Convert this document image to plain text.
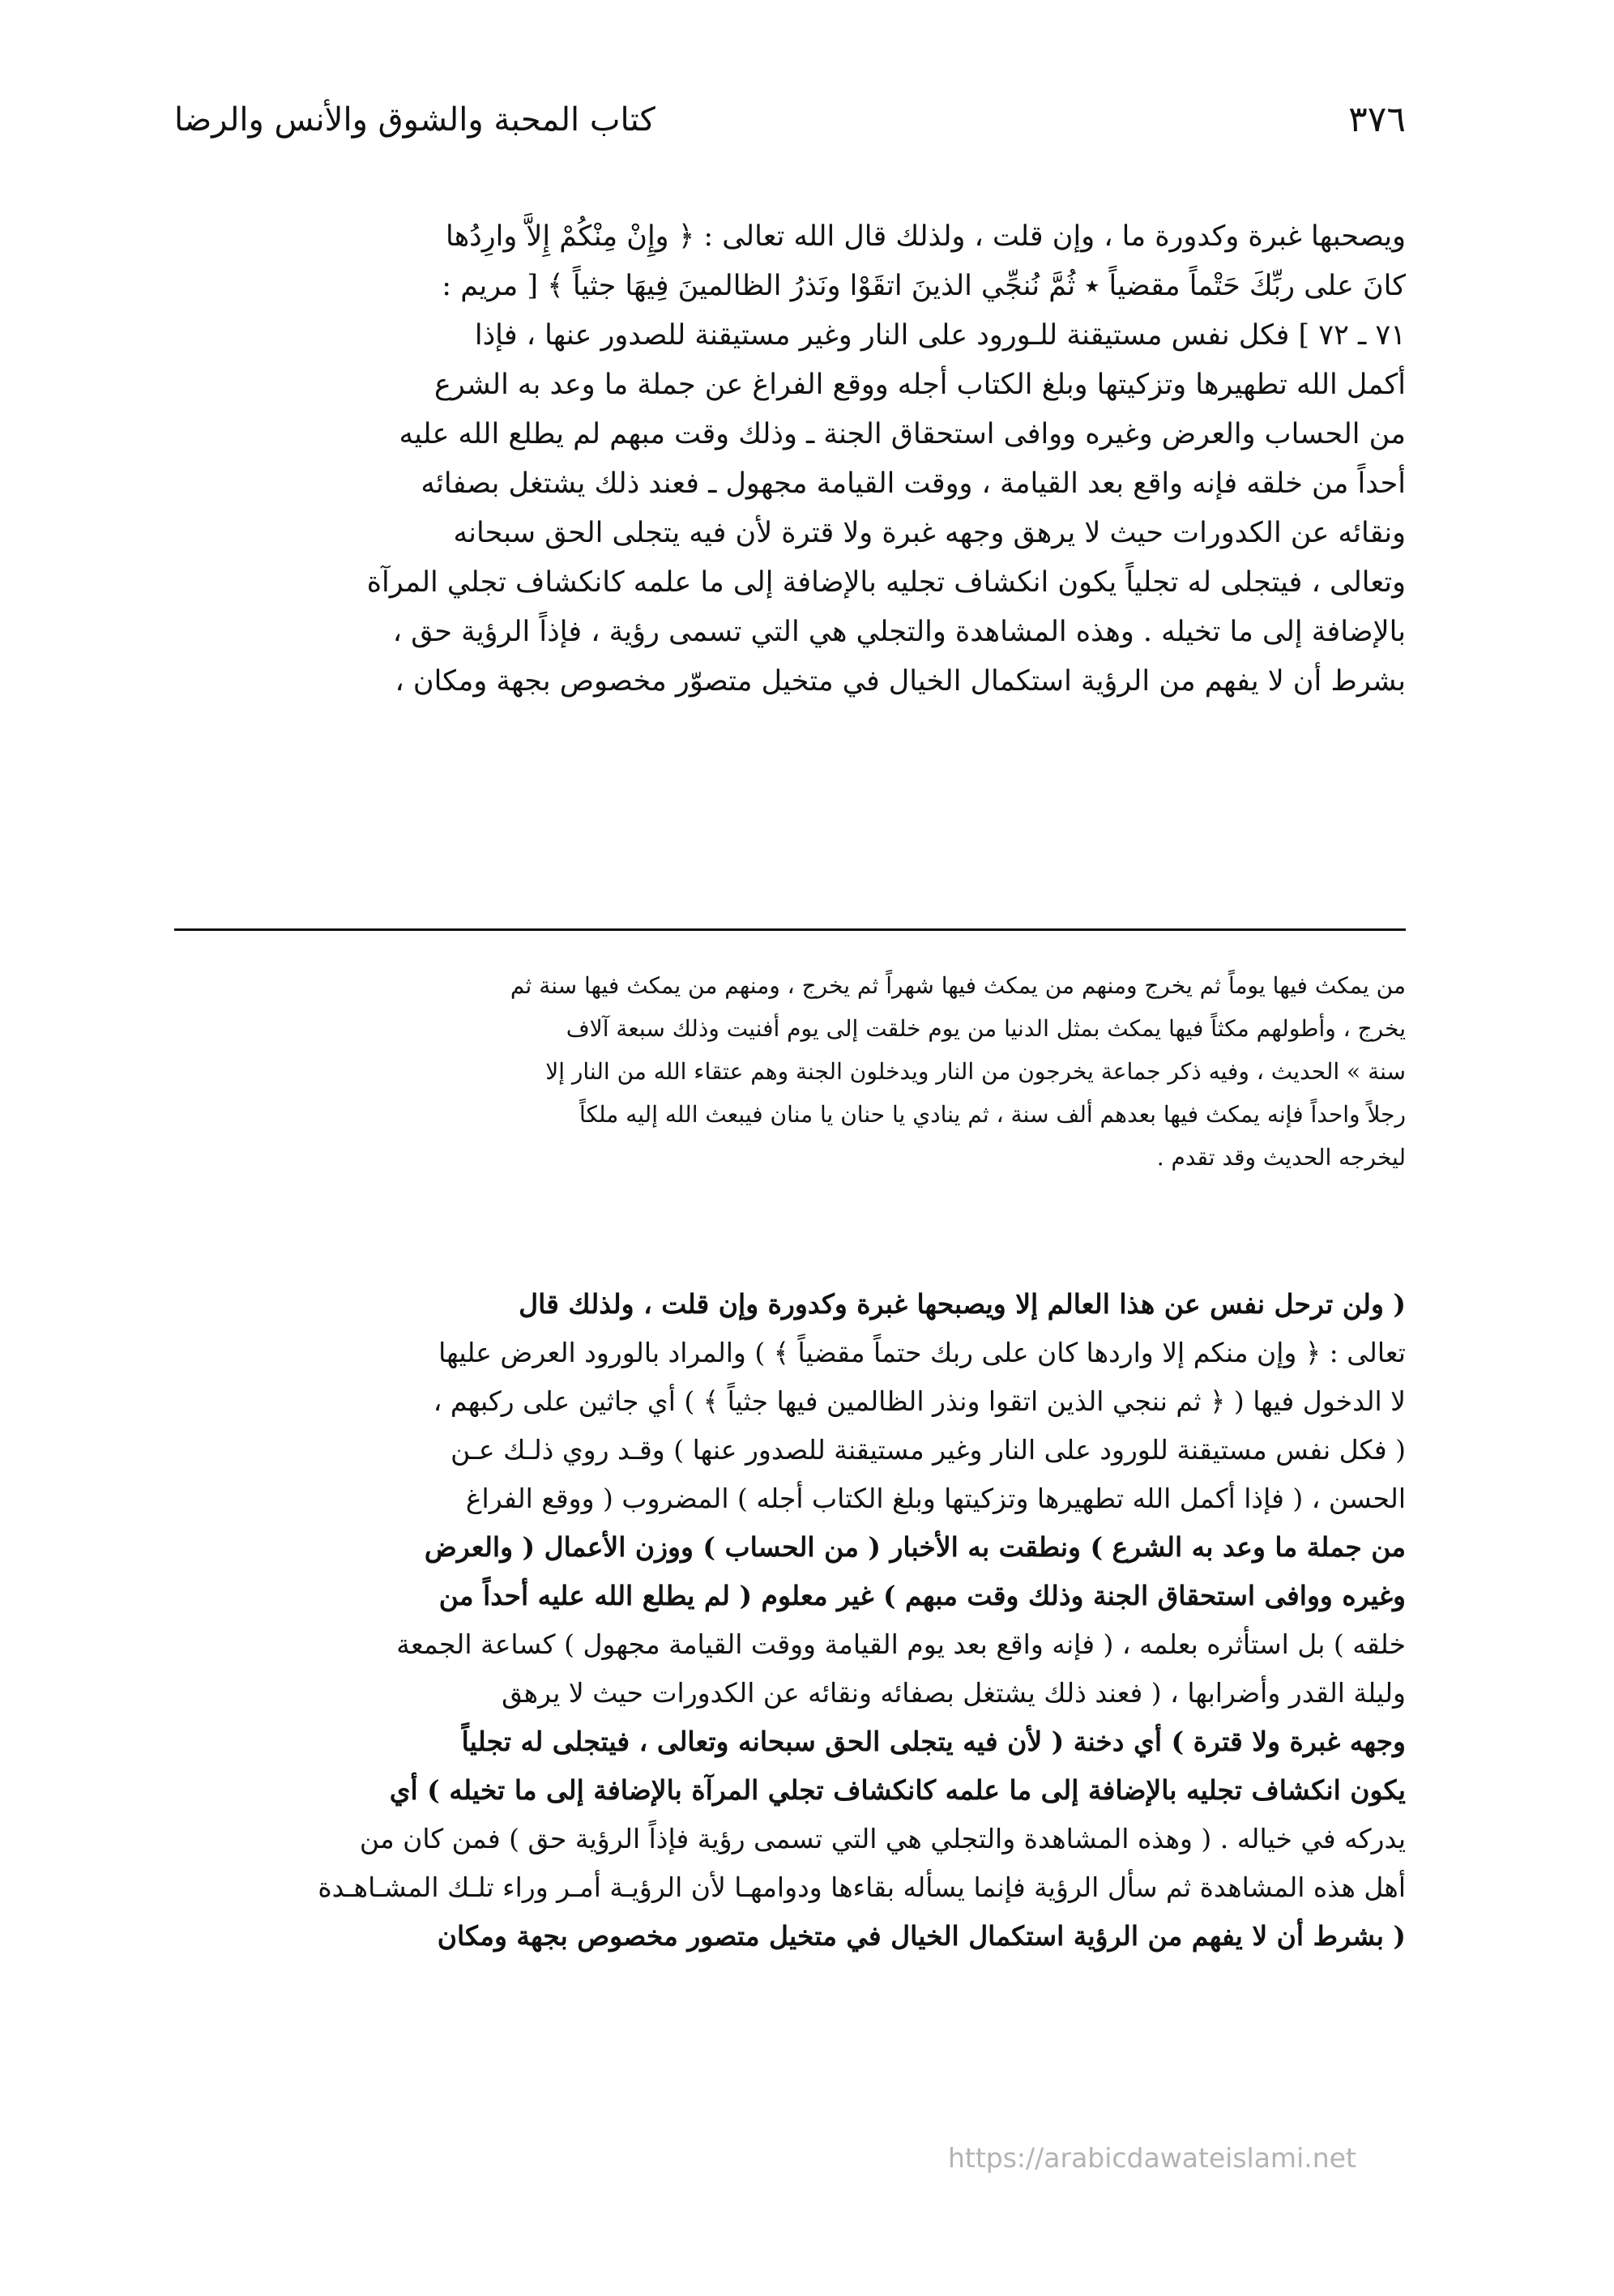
٣٧٦
كتاب المحبة والشوق والأنس والرضا
ويصحبها غبرة وكدورة ما ، وإن قلت ، ولذلك قال الله تعالى : ﴿ وإِنْ مِنْكُمْ إِلاَّ وارِدُها
كانَ على ربِّكَ حَتْماً مقضياً ٭ ثُمَّ نُنجِّي الذينَ اتقَوْا ونَذرُ الظالمينَ فِيهَا جثياً ﴾ [ مريم :
٧١ ـ ٧٢ ] فكل نفس مستيقنة للـورود على النار وغير مستيقنة للصدور عنها ، فإذا
أكمل الله تطهيرها وتزكيتها وبلغ الكتاب أجله ووقع الفراغ عن جملة ما وعد به الشرع
من الحساب والعرض وغيره ووافى استحقاق الجنة ـ وذلك وقت مبهم لم يطلع الله عليه
أحداً من خلقه فإنه واقع بعد القيامة ، ووقت القيامة مجهول ـ فعند ذلك يشتغل بصفائه
ونقائه عن الكدورات حيث لا يرهق وجهه غبرة ولا قترة لأن فيه يتجلى الحق سبحانه
وتعالى ، فيتجلى له تجلياً يكون انكشاف تجليه بالإضافة إلى ما علمه كانكشاف تجلي المرآة
بالإضافة إلى ما تخيله . وهذه المشاهدة والتجلي هي التي تسمى رؤية ، فإذاً الرؤية حق ،
بشرط أن لا يفهم من الرؤية استكمال الخيال في متخيل متصوّر مخصوص بجهة ومكان ،
من يمكث فيها يوماً ثم يخرج ومنهم من يمكث فيها شهراً ثم يخرج ، ومنهم من يمكث فيها سنة ثم
يخرج ، وأطولهم مكثاً فيها يمكث بمثل الدنيا من يوم خلقت إلى يوم أفنيت وذلك سبعة آلاف
سنة » الحديث ، وفيه ذكر جماعة يخرجون من النار ويدخلون الجنة وهم عتقاء الله من النار إلا
رجلاً واحداً فإنه يمكث فيها بعدهم ألف سنة ، ثم ينادي يا حنان يا منان فيبعث الله إليه ملكاً
ليخرجه الحديث وقد تقدم .
( ولن ترحل نفس عن هذا العالم إلا ويصبحها غبرة وكدورة وإن قلت ، ولذلك قال
تعالى : ﴿ وإن منكم إلا واردها كان على ربك حتماً مقضياً ﴾ ) والمراد بالورود العرض عليها
لا الدخول فيها ( ﴿ ثم ننجي الذين اتقوا ونذر الظالمين فيها جثياً ﴾ ) أي جاثين على ركبهم ،
( فكل نفس مستيقنة للورود على النار وغير مستيقنة للصدور عنها ) وقـد روي ذلـك عـن
الحسن ، ( فإذا أكمل الله تطهيرها وتزكيتها وبلغ الكتاب أجله ) المضروب ( ووقع الفراغ
من جملة ما وعد به الشرع ) ونطقت به الأخبار ( من الحساب ) ووزن الأعمال ( والعرض
وغيره ووافى استحقاق الجنة وذلك وقت مبهم ) غير معلوم ( لم يطلع الله عليه أحداً من
خلقه ) بل استأثره بعلمه ، ( فإنه واقع بعد يوم القيامة ووقت القيامة مجهول ) كساعة الجمعة
وليلة القدر وأضرابها ، ( فعند ذلك يشتغل بصفائه ونقائه عن الكدورات حيث لا يرهق
وجهه غبرة ولا قترة ) أي دخنة ( لأن فيه يتجلى الحق سبحانه وتعالى ، فيتجلى له تجلياً
يكون انكشاف تجليه بالإضافة إلى ما علمه كانكشاف تجلي المرآة بالإضافة إلى ما تخيله ) أي
يدركه في خياله . ( وهذه المشاهدة والتجلي هي التي تسمى رؤية فإذاً الرؤية حق ) فمن كان من
أهل هذه المشاهدة ثم سأل الرؤية فإنما يسأله بقاءها ودوامهـا لأن الرؤيـة أمـر وراء تلـك المشـاهـدة
( بشرط أن لا يفهم من الرؤية استكمال الخيال في متخيل متصور مخصوص بجهة ومكان
https://arabicdawateislami.net
